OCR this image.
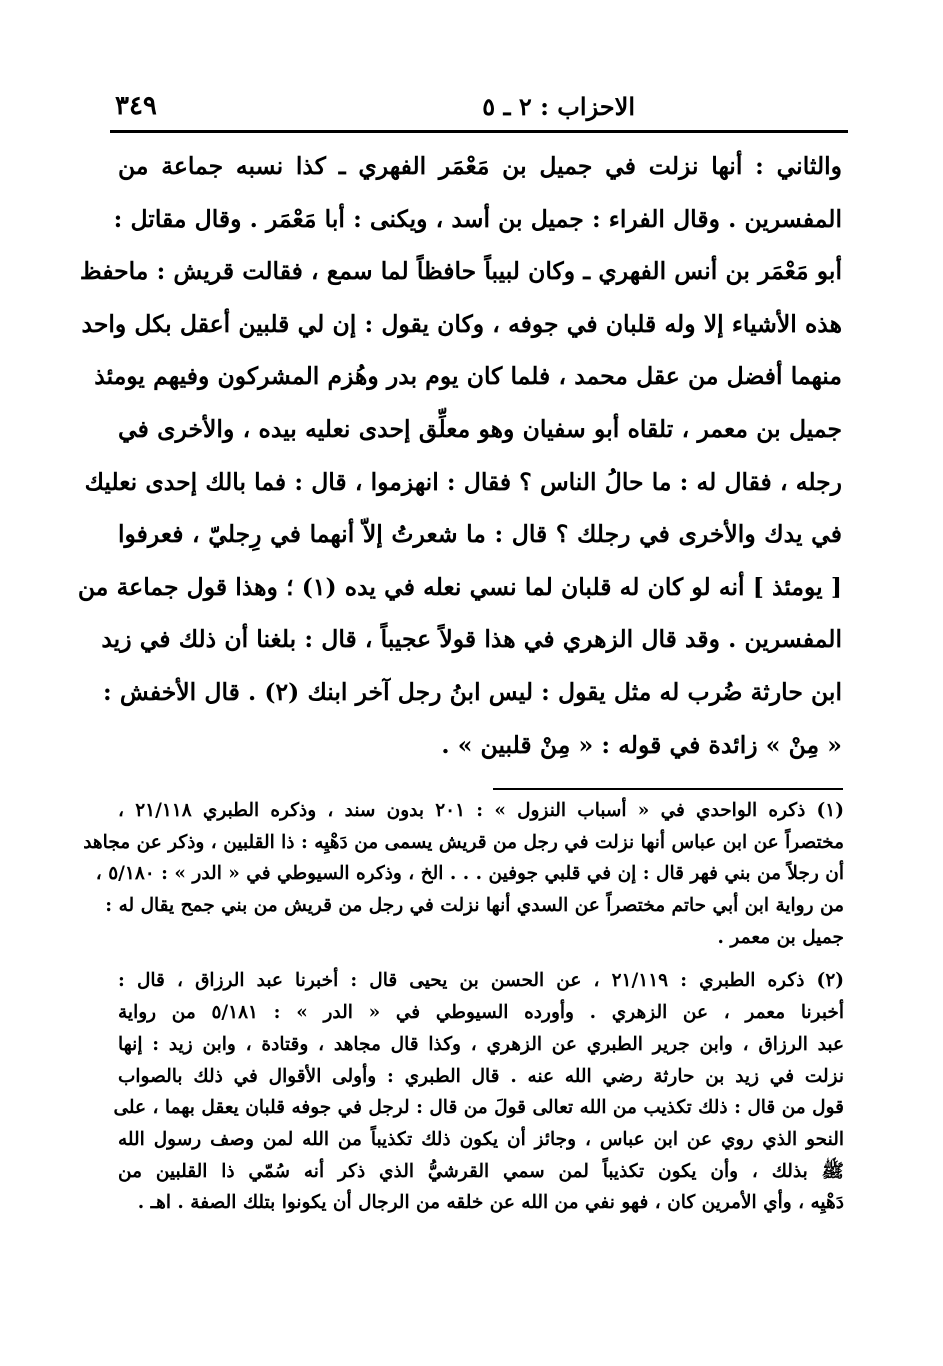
الاحزاب : ٢ ـ ٥
٣٤٩
والثاني : أنها نزلت في جميل بن مَعْمَر الفهري ـ كذا نسبه جماعة من
المفسرين . وقال الفراء : جميل بن أسد ، ويكنى : أبا مَعْمَر . وقال مقاتل :
أبو مَعْمَر بن أنس الفهري ـ وكان لبيباً حافظاً لما سمع ، فقالت قريش : ماحفظ
هذه الأشياء إلا وله قلبان في جوفه ، وكان يقول : إن لي قلبين أعقل بكل واحد
منهما أفضل من عقل محمد ، فلما كان يوم بدر وهُزم المشركون وفيهم يومئذ
جميل بن معمر ، تلقاه أبو سفيان وهو معلِّق إحدى نعليه بيده ، والأخرى في
رجله ، فقال له : ما حالُ الناس ؟ فقال : انهزموا ، قال : فما بالك إحدى نعليك
في يدك والأخرى في رجلك ؟ قال : ما شعرتُ إلاّ أنهما في رِجليّ ، فعرفوا
[ يومئذ ] أنه لو كان له قلبان لما نسي نعله في يده (١) ؛ وهذا قول جماعة من
المفسرين . وقد قال الزهري في هذا قولاً عجيباً ، قال : بلغنا أن ذلك في زيد
ابن حارثة ضُرب له مثل يقول : ليس ابنُ رجل آخر ابنك (٢) . قال الأخفش :
« مِنْ » زائدة في قوله : « مِنْ قلبين » .
(١) ذكره الواحدي في « أسباب النزول » : ٢٠١ بدون سند ، وذكره الطبري ٢١/١١٨ ،
مختصراً عن ابن عباس أنها نزلت في رجل من قريش يسمى من دَهْيِه : ذا القلبين ، وذكر عن مجاهد
أن رجلاً من بني فهر قال : إن في قلبي جوفين . . . الخ ، وذكره السيوطي في « الدر » : ٥/١٨٠ ،
من رواية ابن أبي حاتم مختصراً عن السدي أنها نزلت في رجل من قريش من بني جمح يقال له :
جميل بن معمر .
(٢) ذكره الطبري : ٢١/١١٩ ، عن الحسن بن يحيى قال : أخبرنا عبد الرزاق ، قال :
أخبرنا معمر ، عن الزهري . وأورده السيوطي في « الدر » : ٥/١٨١ من رواية
عبد الرزاق ، وابن جرير الطبري عن الزهري ، وكذا قال مجاهد ، وقتادة ، وابن زيد : إنها
نزلت في زيد بن حارثة رضي الله عنه . قال الطبري : وأولى الأقوال في ذلك بالصواب
قول من قال : ذلك تكذيب من الله تعالى قولَ من قال : لرجل في جوفه قلبان يعقل بهما ، على
النحو الذي روي عن ابن عباس ، وجائز أن يكون ذلك تكذيباً من الله لمن وصف رسول الله
ﷺ بذلك ، وأن يكون تكذيباً لمن سمي القرشيُّ الذي ذكر أنه سُمّي ذا القلبين من
دَهْيِه ، وأي الأمرين كان ، فهو نفي من الله عن خلقه من الرجال أن يكونوا بتلك الصفة . اهـ .
